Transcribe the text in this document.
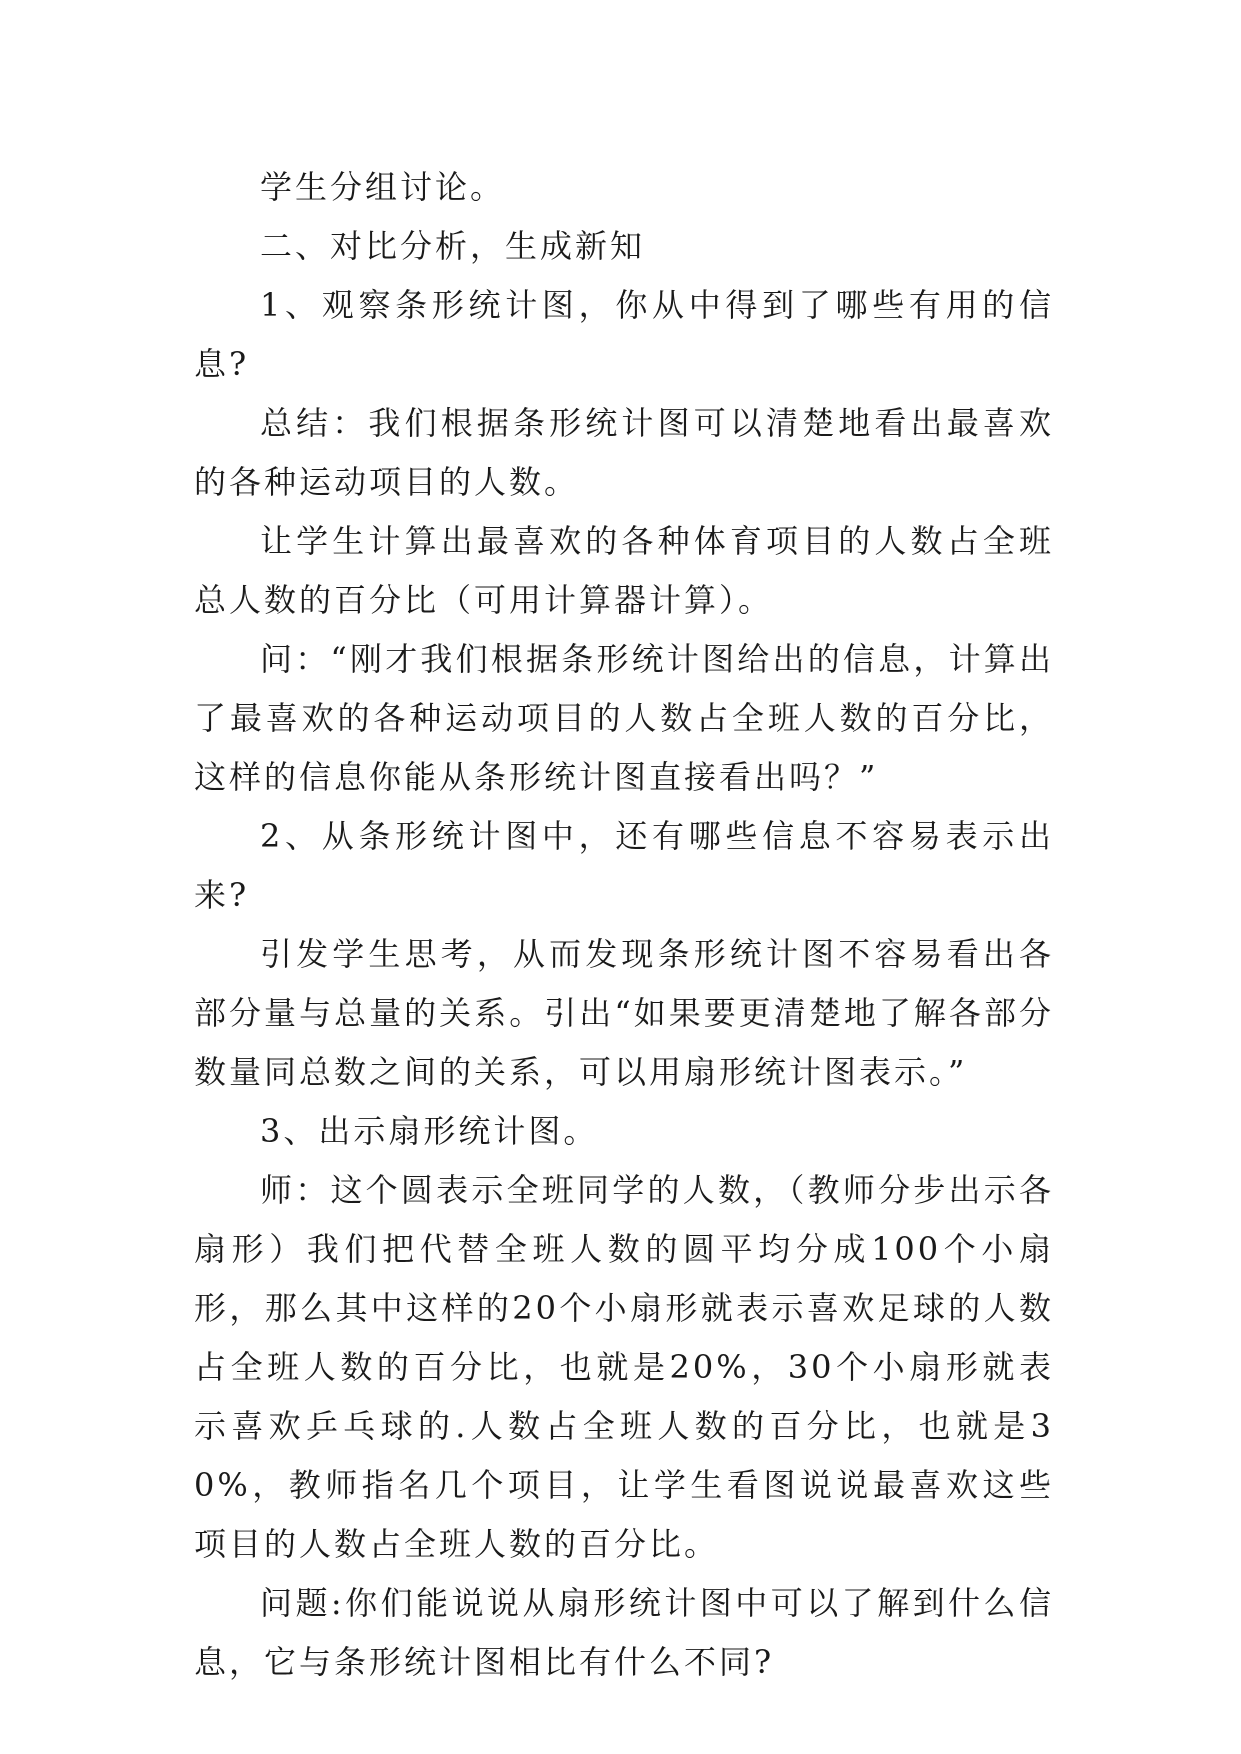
学生分组讨论。

二、对比分析，生成新知

1、观察条形统计图，你从中得到了哪些有用的信息?

总结：我们根据条形统计图可以清楚地看出最喜欢的各种运动项目的人数。

让学生计算出最喜欢的各种体育项目的人数占全班总人数的百分比（可用计算器计算）。

问：“刚才我们根据条形统计图给出的信息，计算出了最喜欢的各种运动项目的人数占全班人数的百分比，这样的信息你能从条形统计图直接看出吗？”

2、从条形统计图中，还有哪些信息不容易表示出来?

引发学生思考，从而发现条形统计图不容易看出各部分量与总量的关系。引出“如果要更清楚地了解各部分数量同总数之间的关系，可以用扇形统计图表示。”

3、出示扇形统计图。

师：这个圆表示全班同学的人数，（教师分步出示各扇形）我们把代替全班人数的圆平均分成100个小扇形，那么其中这样的20个小扇形就表示喜欢足球的人数占全班人数的百分比，也就是20%，30个小扇形就表示喜欢乒乓球的.人数占全班人数的百分比，也就是30%，教师指名几个项目，让学生看图说说最喜欢这些项目的人数占全班人数的百分比。

问题:你们能说说从扇形统计图中可以了解到什么信息，它与条形统计图相比有什么不同?
